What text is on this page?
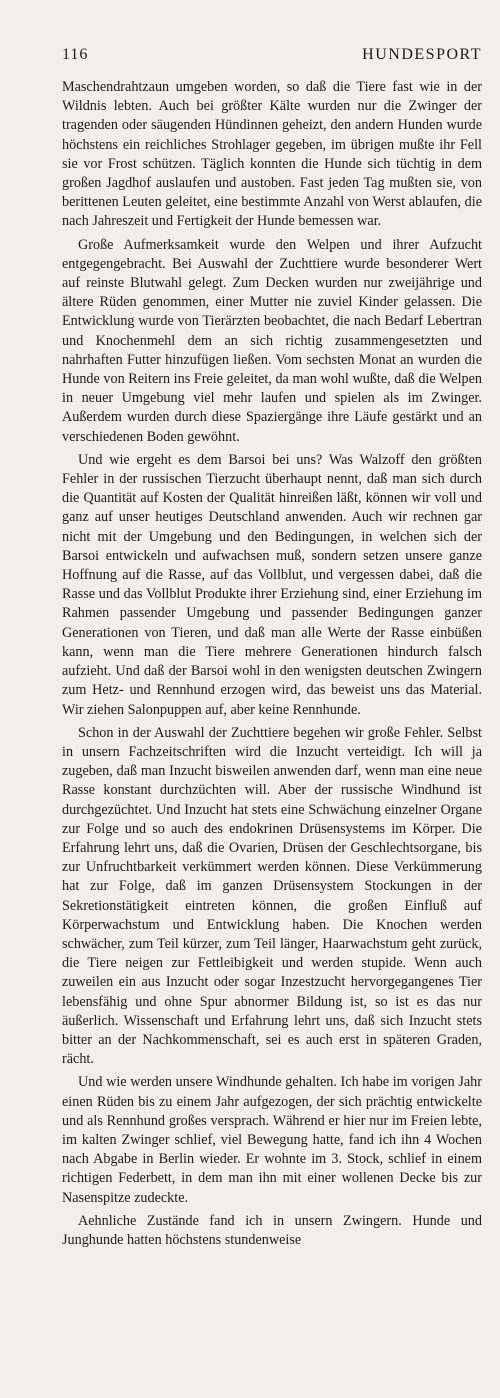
116	HUNDESPORT

Maschendrahtzaun umgeben worden, so daß die Tiere fast wie in der Wildnis lebten. Auch bei größter Kälte wurden nur die Zwinger der tragenden oder säugenden Hündinnen geheizt, den andern Hunden wurde höchstens ein reichliches Strohlager gegeben, im übrigen mußte ihr Fell sie vor Frost schützen. Täglich konnten die Hunde sich tüchtig in dem großen Jagdhof auslaufen und austoben. Fast jeden Tag mußten sie, von berittenen Leuten geleitet, eine bestimmte Anzahl von Werst ablaufen, die nach Jahreszeit und Fertigkeit der Hunde bemessen war.

Große Aufmerksamkeit wurde den Welpen und ihrer Aufzucht entgegengebracht. Bei Auswahl der Zuchttiere wurde besonderer Wert auf reinste Blutwahl gelegt. Zum Decken wurden nur zweijährige und ältere Rüden genommen, einer Mutter nie zuviel Kinder gelassen. Die Entwicklung wurde von Tierärzten beobachtet, die nach Bedarf Lebertran und Knochenmehl dem an sich richtig zusammengesetzten und nahrhaften Futter hinzufügen ließen. Vom sechsten Monat an wurden die Hunde von Reitern ins Freie geleitet, da man wohl wußte, daß die Welpen in neuer Umgebung viel mehr laufen und spielen als im Zwinger. Außerdem wurden durch diese Spaziergänge ihre Läufe gestärkt und an verschiedenen Boden gewöhnt.

Und wie ergeht es dem Barsoi bei uns? Was Walzoff den größten Fehler in der russischen Tierzucht überhaupt nennt, daß man sich durch die Quantität auf Kosten der Qualität hinreißen läßt, können wir voll und ganz auf unser heutiges Deutschland anwenden. Auch wir rechnen gar nicht mit der Umgebung und den Bedingungen, in welchen sich der Barsoi entwickeln und aufwachsen muß, sondern setzen unsere ganze Hoffnung auf die Rasse, auf das Vollblut, und vergessen dabei, daß die Rasse und das Vollblut Produkte ihrer Erziehung sind, einer Erziehung im Rahmen passender Umgebung und passender Bedingungen ganzer Generationen von Tieren, und daß man alle Werte der Rasse einbüßen kann, wenn man die Tiere mehrere Generationen hindurch falsch aufzieht. Und daß der Barsoi wohl in den wenigsten deutschen Zwingern zum Hetz- und Rennhund erzogen wird, das beweist uns das Material. Wir ziehen Salonpuppen auf, aber keine Rennhunde.

Schon in der Auswahl der Zuchttiere begehen wir große Fehler. Selbst in unsern Fachzeitschriften wird die Inzucht verteidigt. Ich will ja zugeben, daß man Inzucht bisweilen anwenden darf, wenn man eine neue Rasse konstant durchzüchten will. Aber der russische Windhund ist durchgezüchtet. Und Inzucht hat stets eine Schwächung einzelner Organe zur Folge und so auch des endokrinen Drüsensystems im Körper. Die Erfahrung lehrt uns, daß die Ovarien, Drüsen der Geschlechtsorgane, bis zur Unfruchtbarkeit verkümmert werden können. Diese Verkümmerung hat zur Folge, daß im ganzen Drüsensystem Stockungen in der Sekretionstätigkeit eintreten können, die großen Einfluß auf Körperwachstum und Entwicklung haben. Die Knochen werden schwächer, zum Teil kürzer, zum Teil länger, Haarwachstum geht zurück, die Tiere neigen zur Fettleibigkeit und werden stupide. Wenn auch zuweilen ein aus Inzucht oder sogar Inzestzucht hervorgegangenes Tier lebensfähig und ohne Spur abnormer Bildung ist, so ist es das nur äußerlich. Wissenschaft und Erfahrung lehrt uns, daß sich Inzucht stets bitter an der Nachkommenschaft, sei es auch erst in späteren Graden, rächt.

Und wie werden unsere Windhunde gehalten. Ich habe im vorigen Jahr einen Rüden bis zu einem Jahr aufgezogen, der sich prächtig entwickelte und als Rennhund großes versprach. Während er hier nur im Freien lebte, im kalten Zwinger schlief, viel Bewegung hatte, fand ich ihn 4 Wochen nach Abgabe in Berlin wieder. Er wohnte im 3. Stock, schlief in einem richtigen Federbett, in dem man ihn mit einer wollenen Decke bis zur Nasenspitze zudeckte.

Aehnliche Zustände fand ich in unsern Zwingern. Hunde und Junghunde hatten höchstens stundenweise
